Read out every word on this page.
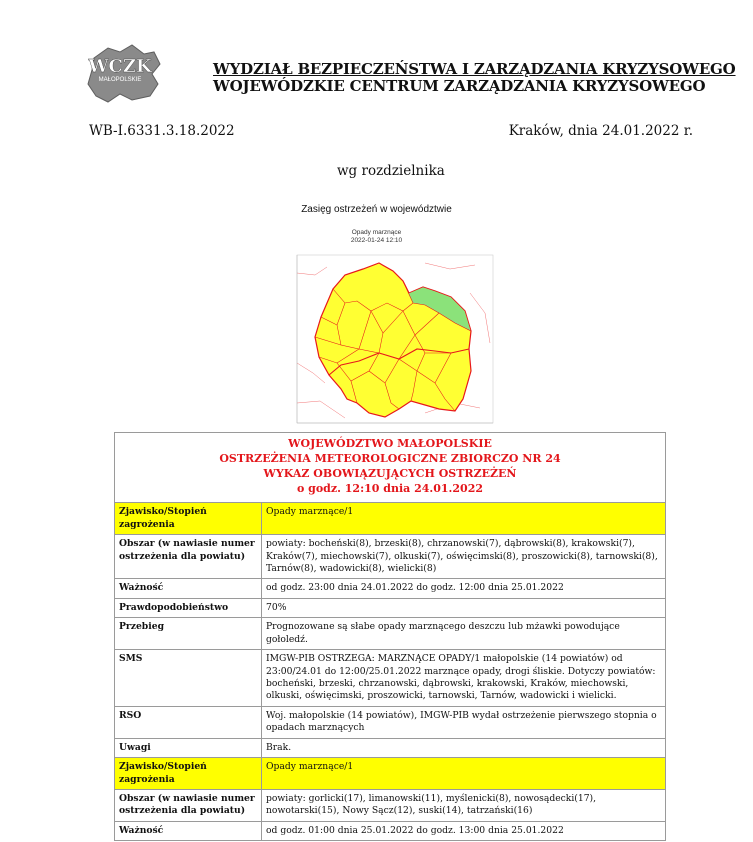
WCZK
MAŁOPOLSKIE
WYDZIAŁ BEZPIECZEŃSTWA I ZARZĄDZANIA KRYZYSOWEGO
WOJEWÓDZKIE CENTRUM ZARZĄDZANIA KRYZYSOWEGO
WB-I.6331.3.18.2022	Kraków, dnia 24.01.2022 r.
wg rozdzielnika
Zasięg ostrzeżeń w województwie
Opady marznące
2022-01-24 12:10
WOJEWÓDZTWO MAŁOPOLSKIE
OSTRZEŻENIA METEOROLOGICZNE ZBIORCZO NR 24
WYKAZ OBOWIĄZUJĄCYCH OSTRZEŻEŃ
o godz. 12:10 dnia 24.01.2022	

Zjawisko/Stopień zagrożenia	Opady marznące/1
Obszar (w nawiasie numer ostrzeżenia dla powiatu)	powiaty: bocheński(8), brzeski(8), chrzanowski(7), dąbrowski(8), krakowski(7), Kraków(7), miechowski(7), olkuski(7), oświęcimski(8), proszowicki(8), tarnowski(8), Tarnów(8), wadowicki(8), wielicki(8)
Ważność	od godz. 23:00 dnia 24.01.2022 do godz. 12:00 dnia 25.01.2022
Prawdopodobieństwo	70%
Przebieg	Prognozowane są słabe opady marznącego deszczu lub mżawki powodujące gołoledź.
SMS	IMGW-PIB OSTRZEGA: MARZNĄCE OPADY/1 małopolskie (14 powiatów) od 23:00/24.01 do 12:00/25.01.2022 marznące opady, drogi śliskie. Dotyczy powiatów: bocheński, brzeski, chrzanowski, dąbrowski, krakowski, Kraków, miechowski, olkuski, oświęcimski, proszowicki, tarnowski, Tarnów, wadowicki i wielicki.
RSO	Woj. małopolskie (14 powiatów), IMGW-PIB wydał ostrzeżenie pierwszego stopnia o opadach marznących
Uwagi	Brak.
Zjawisko/Stopień zagrożenia	Opady marznące/1
Obszar (w nawiasie numer ostrzeżenia dla powiatu)	powiaty: gorlicki(17), limanowski(11), myślenicki(8), nowosądecki(17), nowotarski(15), Nowy Sącz(12), suski(14), tatrzański(16)
Ważność	od godz. 01:00 dnia 25.01.2022 do godz. 13:00 dnia 25.01.2022
